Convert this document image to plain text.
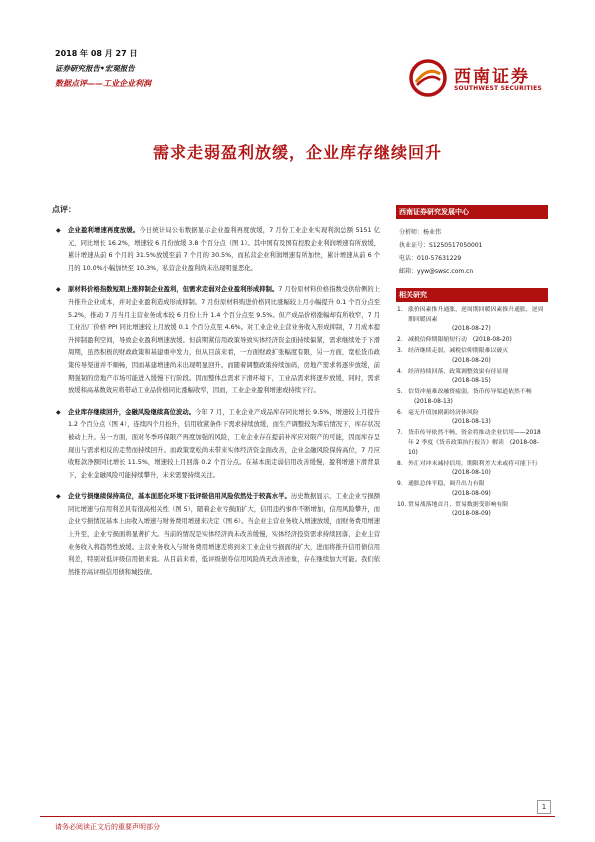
2018 年 08 月 27 日
证券研究报告•宏观报告
数据点评——工业企业利润	西南证券
SOUTHWEST SECURITIES
需求走弱盈利放缓，企业库存继续回升
点评：
◆ 企业盈利增速再度放缓。今日统计局公布数据显示企业盈利再度放缓，7 月份工业企业实现利润总额 5151 亿元，同比增长 16.2%，增速较 6 月份放缓 3.8 个百分点（图 1）。其中国有及国有控股企业利润增速有所放缓，累计增速从前 6 个月的 31.5%放缓至前 7 个月的 30.5%，而私营企业利润增速有所加快，累计增速从前 6 个月的 10.0%小幅加快至 10.3%，私营企业盈利尚未出现明显恶化。
◆ 原材料价格指数短期上涨抑制企业盈利，但需求走弱对企业盈利形成抑制。7 月份原材料价格指数受供给侧的上升推升企业成本，并对企业盈利造成形成抑制。7 月份原材料购进价格同比涨幅较上月小幅提升 0.1 个百分点至 5.2%，推动 7 月当月主营业务成本较 6 月份上升 1.4 个百分点至 9.5%。但产成品价格涨幅却有所收窄，7 月工业出厂价格 PPI 同比增速较上月放缓 0.1 个百分点至 4.6%。对工业企业主营业务收入形成抑制，7 月成本提升抑制盈利空间，导致企业盈利增速放缓。但前期紧信用政策导致实体经济资金面持续偏紧，需求继续处于下滑周期，虽然积极的财政政策和基建重申发力，但从目前来看，一方面财政扩张幅度有限，另一方面，宽松货币政策传导渠道并不顺畅，因而基建增速尚未出现明显回升。而随着调整政策持续加码，房地产需求将逐步放缓，前期强韧的房地产市场可能进入缓慢下行阶段。因而整体总需求下滑环境下，工业品需求将逐步放缓，同时，需求放缓和高基数效应将带动工业品价格同比涨幅收窄，因而，工业企业盈利增速或持续下行。
◆ 企业库存继续回升，金融风险继续高位波动。今年 7 月，工业企业产成品库存同比增长 9.5%，增速较上月提升 1.2 个百分点（图 4），连续四个月抬升，信用收紧条件下需求持续放缓，而生产调整较为滞后情况下，库存状况被动上升。另一方面，面对冬季环保限产再度加强的风险，工业企业存在提前补库应对限产的可能，因而库存呈现出与需求相反的走势而持续回升。而政策宽松尚未带来实体经济资金面改善，企业金融风险保持高位，7 月应收账款净额同比增长 11.5%，增速较上月回落 0.2 个百分点。在基本面走弱信用改善缓慢，盈利增速下滑背景下，企业金融风险可能持续攀升，未来需要持续关注。
◆ 企业亏损继续保持高位，基本面恶化环境下低评级信用风险依然处于较高水平。历史数据显示，工业企业亏损额同比增速与信用利差具有很高相关性（图 5），随着企业亏损面扩大，信用违约事件不断增加，信用风险攀升，而企业亏损情况基本上由收入增速与财务费用增速来决定（图 6）。当企业主营业务收入增速放缓，而财务费用增速上升至，企业亏损面将显著扩大。当前的情况是实体经济尚未改善缓慢，实体经济投资需求持续回落，企业主营业务收入将趋势性放缓。主营业务收入与财务费用增速差将到来工业企业亏损面的扩大，进而将推升信用债信用利差，特别对低评级信用债来说。从目前来看，低评级债券信用风险尚无改善迹象，存在继续加大可能。我们依然推荐高评级信用债和城投债。
西南证券研究发展中心
分析师：杨业伟
执业证号：S1250517050001
电话：010-57631229
邮箱：yyw@swsc.com.cn
相关研究
1. 涨价因素推升通胀，逆周期回暖因素推升通胀，逆周期回暖因素
(2018-08-27)
2. 减税信仰期限缩短行动 (2018-08-20)
3. 经济继续走弱，减税信仰期限难以破灭
(2018-08-20)
4. 经济持续回落，政策调整效果有待显现
(2018-08-15)
5. 信贷冲量难改融资疲弱，货币传导渠道依然不畅(2018-08-13)
6. 毫无升值加剧新经济体风险
(2018-08-13)
7. 货币传导依然不畅，资金将推动企业信用——2018 年 2 季度《货币政策执行报告》解读 (2018-08-10)
8. 外汇对冲未减持信用，期限利差大来或将可能下行
(2018-08-10)
9. 通胀总体平稳，调升出力有限
(2018-08-09)
10. 贸易战落地首月，贸易数据受影响有限
(2018-08-09)
1
请务必阅读正文后的重要声明部分
